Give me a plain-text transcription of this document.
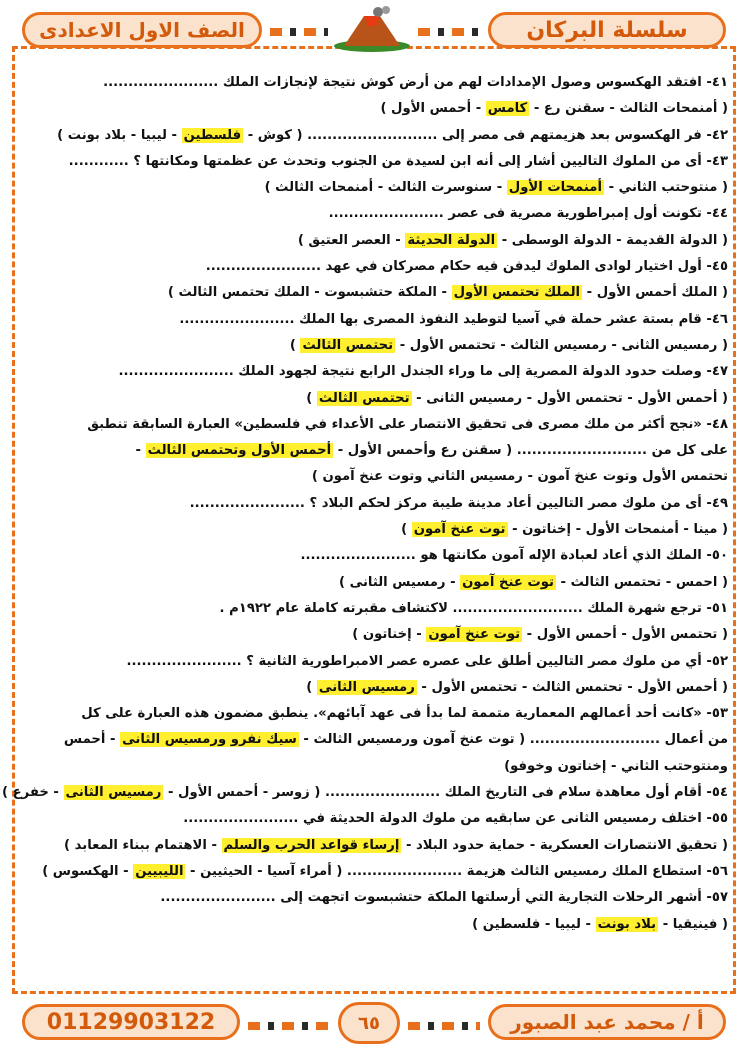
سلسلة البركان
الصف الاول الاعدادى
٤١- افتقد الهكسوس وصول الإمدادات لهم من أرض كوش نتيجة لإنجازات الملك .......................
( أمنمحات الثالث - سقنن رع - كامس - أحمس الأول )
٤٢- فر الهكسوس بعد هزيمتهم فى مصر إلى .......................... ( كوش - فلسطين - ليبيا - بلاد بونت )
٤٣- أى من الملوك التاليين أشار إلى أنه ابن لسيدة من الجنوب وتحدث عن عظمتها ومكانتها ؟ ............
( منتوحتب الثاني - أمنمحات الأول - سنوسرت الثالث - أمنمحات الثالث )
٤٤- تكونت أول إمبراطورية مصرية فى عصر .......................
( الدولة القديمة - الدولة الوسطى - الدولة الحديثة - العصر العتيق )
٤٥- أول اختيار لوادى الملوك ليدفن فيه حكام مصركان في عهد .......................
( الملك أحمس الأول - الملك تحتمس الأول - الملكة حتشبسوت - الملك تحتمس الثالث )
٤٦- قام بستة عشر حملة في آسيا لتوطيد النفوذ المصرى بها الملك .......................
( رمسيس الثانى - رمسيس الثالث - تحتمس الأول - تحتمس الثالث )
٤٧- وصلت حدود الدولة المصرية إلى ما وراء الجندل الرابع نتيجة لجهود الملك .......................
( أحمس الأول - تحتمس الأول - رمسيس الثانى - تحتمس الثالث )
٤٨- «نجح أكثر من ملك مصرى فى تحقيق الانتصار على الأعداء في فلسطين» العبارة السابقة تنطبق
على كل من .......................... ( سقنن رع وأحمس الأول - أحمس الأول وتحتمس الثالث -
تحتمس الأول وتوت عنخ آمون - رمسيس الثاني وتوت عنخ آمون )
٤٩- أى من ملوك مصر التاليين أعاد مدينة طيبة مركز لحكم البلاد ؟ .......................
( مينا - أمنمحات الأول - إخناتون - توت عنخ آمون )
٥٠- الملك الذي أعاد لعبادة الإله آمون مكانتها هو .......................
( احمس - تحتمس الثالث - توت عنخ آمون - رمسيس الثانى )
٥١- ترجع شهرة الملك .......................... لاكتشاف مقبرته كاملة عام ١٩٢٢م .
( تحتمس الأول - أحمس الأول - توت عنخ آمون - إخناتون )
٥٢- أي من ملوك مصر التاليين أطلق على عصره عصر الامبراطورية الثانية ؟ .......................
( أحمس الأول - تحتمس الثالث - تحتمس الأول - رمسيس الثانى )
٥٣- «كانت أحد أعمالهم المعمارية متممة لما بدأ فى عهد آبائهم». ينطبق مضمون هذه العبارة على كل
من أعمال .......................... ( توت عنخ آمون ورمسيس الثالث - سيك نفرو ورمسيس الثانى - أحمس
ومنتوحتب الثاني - إخناتون وخوفو)
٥٤- أقام أول معاهدة سلام فى التاريخ الملك ....................... ( زوسر - أحمس الأول - رمسيس الثانى - خفرع )
٥٥- اختلف رمسيس الثانى عن سابقيه من ملوك الدولة الحديثة في .......................
( تحقيق الانتصارات العسكرية - حماية حدود البلاد - إرساء قواعد الحرب والسلم - الاهتمام ببناء المعابد )
٥٦- استطاع الملك رمسيس الثالث هزيمة ....................... ( أمراء آسيا - الحيثيين - الليبيين - الهكسوس )
٥٧- أشهر الرحلات التجارية التي أرسلتها الملكة حتشبسوت اتجهت إلى .......................
( فينيقيا - بلاد بونت - ليبيا - فلسطين )
أ / محمد عبد الصبور
٦٥
01129903122
